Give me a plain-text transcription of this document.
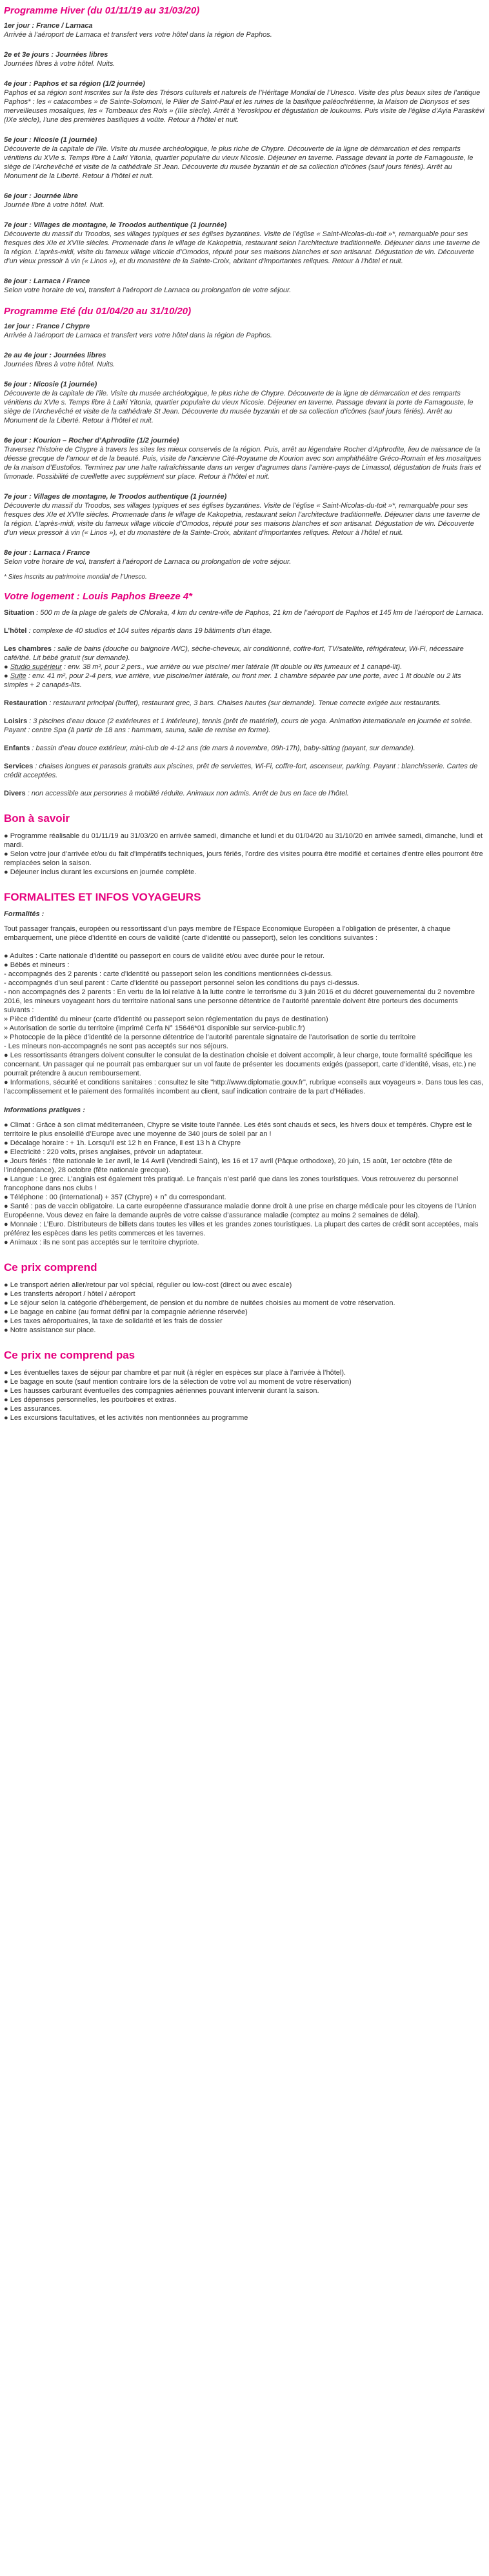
Programme Hiver (du 01/11/19 au 31/03/20)
1er jour : France / Larnaca
Arrivée à l’aéroport de Larnaca et transfert vers votre hôtel dans la région de Paphos.
2e et 3e jours : Journées libres
Journées libres à votre hôtel. Nuits.
4e jour : Paphos et sa région (1/2 journée)
Paphos et sa région sont inscrites sur la liste des Trésors culturels et naturels de l’Héritage Mondial de l’Unesco. Visite des plus beaux sites de l’antique Paphos* : les « catacombes » de Sainte-Solomoni, le Pilier de Saint-Paul et les ruines de la basilique paléochrétienne, la Maison de Dionysos et ses merveilleuses mosaïques, les « Tombeaux des Rois » (IIIe siècle). Arrêt à Yeroskipou et dégustation de loukoums. Puis visite de l’église d’Ayia Paraskévi (IXe siècle), l’une des premières basiliques à voûte. Retour à l’hôtel et nuit.
5e jour : Nicosie (1 journée)
Découverte de la capitale de l’île. Visite du musée archéologique, le plus riche de Chypre. Découverte de la ligne de démarcation et des remparts vénitiens du XVIe s. Temps libre à Laiki Yitonia, quartier populaire du vieux Nicosie. Déjeuner en taverne. Passage devant la porte de Famagouste, le siège de l’Archevêché et visite de la cathédrale St Jean. Découverte du musée byzantin et de sa collection d’icônes (sauf jours fériés). Arrêt au Monument de la Liberté. Retour à l’hôtel et nuit.
6e jour : Journée libre
Journée libre à votre hôtel. Nuit.
7e jour : Villages de montagne, le Troodos authentique (1 journée)
Découverte du massif du Troodos, ses villages typiques et ses églises byzantines. Visite de l’église « Saint-Nicolas-du-toit »*, remarquable pour ses fresques des XIe et XVIIe siècles. Promenade dans le village de Kakopetria, restaurant selon l’architecture traditionnelle. Déjeuner dans une taverne de la région. L’après-midi, visite du fameux village viticole d’Omodos, réputé pour ses maisons blanches et son artisanat. Dégustation de vin. Découverte d’un vieux pressoir à vin (« Linos »), et du monastère de la Sainte-Croix, abritant d’importantes reliques. Retour à l’hôtel et nuit.
8e jour : Larnaca / France
Selon votre horaire de vol, transfert à l’aéroport de Larnaca ou prolongation de votre séjour.
Programme Eté (du 01/04/20 au 31/10/20)
1er jour : France / Chypre
Arrivée à l’aéroport de Larnaca et transfert vers votre hôtel dans la région de Paphos.
2e au 4e jour : Journées libres
Journées libres à votre hôtel. Nuits.
5e jour : Nicosie (1 journée)
Découverte de la capitale de l’île. Visite du musée archéologique, le plus riche de Chypre. Découverte de la ligne de démarcation et des remparts vénitiens du XVIe s. Temps libre à Laiki Yitonia, quartier populaire du vieux Nicosie. Déjeuner en taverne. Passage devant la porte de Famagouste, le siège de l’Archevêché et visite de la cathédrale St Jean. Découverte du musée byzantin et de sa collection d’icônes (sauf jours fériés). Arrêt au Monument de la Liberté. Retour à l’hôtel et nuit.
6e jour : Kourion – Rocher d’Aphrodite (1/2 journée)
Traversez l’histoire de Chypre à travers les sites les mieux conservés de la région. Puis, arrêt au légendaire Rocher d’Aphrodite, lieu de naissance de la déesse grecque de l’amour et de la beauté. Puis, visite de l’ancienne Cité-Royaume de Kourion avec son amphithéâtre Gréco-Romain et les mosaïques de la maison d’Eustolios. Terminez par une halte rafraîchissante dans un verger d’agrumes dans l’arrière-pays de Limassol, dégustation de fruits frais et limonade. Possibilité de cueillette avec supplément sur place. Retour à l’hôtel et nuit.
7e jour : Villages de montagne, le Troodos authentique (1 journée)
Découverte du massif du Troodos, ses villages typiques et ses églises byzantines. Visite de l’église « Saint-Nicolas-du-toit »*, remarquable pour ses fresques des XIe et XVIIe siècles. Promenade dans le village de Kakopetria, restaurant selon l’architecture traditionnelle. Déjeuner dans une taverne de la région. L’après-midi, visite du fameux village viticole d’Omodos, réputé pour ses maisons blanches et son artisanat. Dégustation de vin. Découverte d’un vieux pressoir à vin (« Linos »), et du monastère de la Sainte-Croix, abritant d’importantes reliques. Retour à l’hôtel et nuit.
8e jour : Larnaca / France
Selon votre horaire de vol, transfert à l’aéroport de Larnaca ou prolongation de votre séjour.
* Sites inscrits au patrimoine mondial de l’Unesco.
Votre logement : Louis Paphos Breeze 4*
Situation : 500 m de la plage de galets de Chloraka, 4 km du centre-ville de Paphos, 21 km de l’aéroport de Paphos et 145 km de l’aéroport de Larnaca.
L’hôtel : complexe de 40 studios et 104 suites répartis dans 19 bâtiments d’un étage.
Les chambres : salle de bains (douche ou baignoire /WC), sèche-cheveux, air conditionné, coffre-fort, TV/satellite, réfrigérateur, Wi-Fi, nécessaire café/thé. Lit bébé gratuit (sur demande).
● Studio supérieur : env. 38 m², pour 2 pers., vue arrière ou vue piscine/ mer latérale (lit double ou lits jumeaux et 1 canapé-lit).
● Suite : env. 41 m², pour 2-4 pers, vue arrière, vue piscine/mer latérale, ou front mer. 1 chambre séparée par une porte, avec 1 lit double ou 2 lits simples + 2 canapés-lits.
Restauration : restaurant principal (buffet), restaurant grec, 3 bars. Chaises hautes (sur demande). Tenue correcte exigée aux restaurants.
Loisirs : 3 piscines d’eau douce (2 extérieures et 1 intérieure), tennis (prêt de matériel), cours de yoga. Animation internationale en journée et soirée. Payant : centre Spa (à partir de 18 ans : hammam, sauna, salle de remise en forme).
Enfants : bassin d’eau douce extérieur, mini-club de 4-12 ans (de mars à novembre, 09h-17h), baby-sitting (payant, sur demande).
Services : chaises longues et parasols gratuits aux piscines, prêt de serviettes, Wi-Fi, coffre-fort, ascenseur, parking. Payant : blanchisserie. Cartes de crédit acceptées.
Divers : non accessible aux personnes à mobilité réduite. Animaux non admis. Arrêt de bus en face de l’hôtel.
Bon à savoir
● Programme réalisable du 01/11/19 au 31/03/20 en arrivée samedi, dimanche et lundi et du 01/04/20 au 31/10/20 en arrivée samedi, dimanche, lundi et mardi.
● Selon votre jour d’arrivée et/ou du fait d’impératifs techniques, jours fériés, l’ordre des visites pourra être modifié et certaines d’entre elles pourront être remplacées selon la saison.
● Déjeuner inclus durant les excursions en journée complète.
FORMALITES ET INFOS VOYAGEURS
Formalités :
Tout passager français, européen ou ressortissant d’un pays membre de l’Espace Economique Européen a l’obligation de présenter, à chaque embarquement, une pièce d’identité en cours de validité (carte d’identité ou passeport), selon les conditions suivantes :
● Adultes : Carte nationale d’identité ou passeport en cours de validité et/ou avec durée pour le retour.
● Bébés et mineurs :
- accompagnés des 2 parents : carte d’identité ou passeport selon les conditions mentionnées ci-dessus.
- accompagnés d’un seul parent : Carte d’identité ou passeport personnel selon les conditions du pays ci-dessus.
- non accompagnés des 2 parents : En vertu de la loi relative à la lutte contre le terrorisme du 3 juin 2016 et du décret gouvernemental du 2 novembre 2016, les mineurs voyageant hors du territoire national sans une personne détentrice de l’autorité parentale doivent être porteurs des documents suivants :
» Pièce d’identité du mineur (carte d’identité ou passeport selon réglementation du pays de destination)
» Autorisation de sortie du territoire (imprimé Cerfa N° 15646*01 disponible sur service-public.fr)
» Photocopie de la pièce d’identité de la personne détentrice de l’autorité parentale signataire de l’autorisation de sortie du territoire
- Les mineurs non-accompagnés ne sont pas acceptés sur nos séjours.
● Les ressortissants étrangers doivent consulter le consulat de la destination choisie et doivent accomplir, à leur charge, toute formalité spécifique les concernant. Un passager qui ne pourrait pas embarquer sur un vol faute de présenter les documents exigés (passeport, carte d’identité, visas, etc.) ne pourrait prétendre à aucun remboursement.
● Informations, sécurité et conditions sanitaires : consultez le site "http://www.diplomatie.gouv.fr", rubrique «conseils aux voyageurs ». Dans tous les cas, l’accomplissement et le paiement des formalités incombent au client, sauf indication contraire de la part d’Héliades.
Informations pratiques :
● Climat : Grâce à son climat méditerranéen, Chypre se visite toute l’année. Les étés sont chauds et secs, les hivers doux et tempérés. Chypre est le territoire le plus ensoleillé d’Europe avec une moyenne de 340 jours de soleil par an !
● Décalage horaire : + 1h. Lorsqu’il est 12 h en France, il est 13 h à Chypre
● Electricité : 220 volts, prises anglaises, prévoir un adaptateur.
● Jours fériés : fête nationale le 1er avril, le 14 Avril (Vendredi Saint), les 16 et 17 avril (Pâque orthodoxe), 20 juin, 15 août, 1er octobre (fête de l’indépendance), 28 octobre (fête nationale grecque).
● Langue : Le grec. L’anglais est également très pratiqué. Le français n’est parlé que dans les zones touristiques. Vous retrouverez du personnel francophone dans nos clubs !
● Téléphone : 00 (international) + 357 (Chypre) + n° du correspondant.
● Santé : pas de vaccin obligatoire. La carte européenne d’assurance maladie donne droit à une prise en charge médicale pour les citoyens de l’Union Européenne. Vous devez en faire la demande auprès de votre caisse d’assurance maladie (comptez au moins 2 semaines de délai).
● Monnaie : L’Euro. Distributeurs de billets dans toutes les villes et les grandes zones touristiques. La plupart des cartes de crédit sont acceptées, mais préférez les espèces dans les petits commerces et les tavernes.
● Animaux : ils ne sont pas acceptés sur le territoire chypriote.
Ce prix comprend
● Le transport aérien aller/retour par vol spécial, régulier ou low-cost (direct ou avec escale)
● Les transferts aéroport / hôtel / aéroport
● Le séjour selon la catégorie d’hébergement, de pension et du nombre de nuitées choisies au moment de votre réservation.
● Le bagage en cabine (au format défini par la compagnie aérienne réservée)
● Les taxes aéroportuaires, la taxe de solidarité et les frais de dossier
● Notre assistance sur place.
Ce prix ne comprend pas
● Les éventuelles taxes de séjour par chambre et par nuit (à régler en espèces sur place à l’arrivée à l’hôtel).
● Le bagage en soute (sauf mention contraire lors de la sélection de votre vol au moment de votre réservation)
● Les hausses carburant éventuelles des compagnies aériennes pouvant intervenir durant la saison.
● Les dépenses personnelles, les pourboires et extras.
● Les assurances.
● Les excursions facultatives, et les activités non mentionnées au programme
